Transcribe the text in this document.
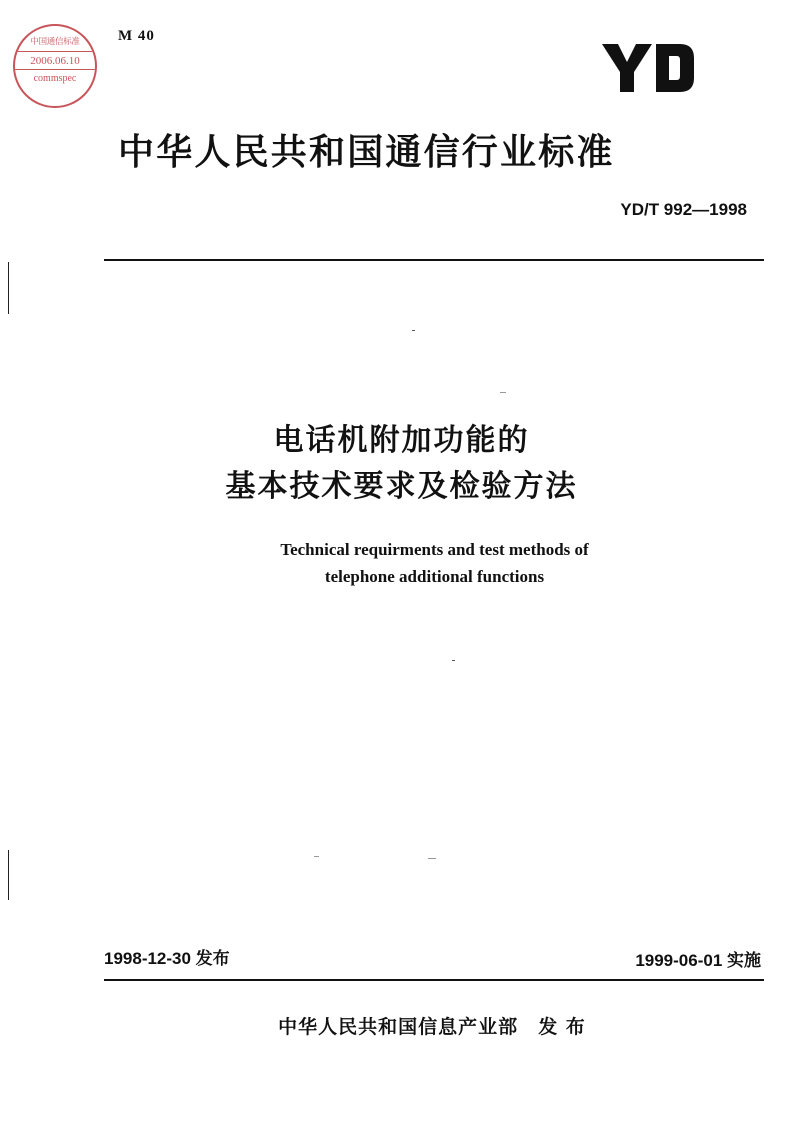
中国通信标准
2006.06.10
commspec
M 40
中华人民共和国通信行业标准
YD/T 992—1998
电话机附加功能的
基本技术要求及检验方法
Technical requirments and test methods of
telephone additional functions
1998-12-30 发布	1999-06-01 实施
中华人民共和国信息产业部 发 布
